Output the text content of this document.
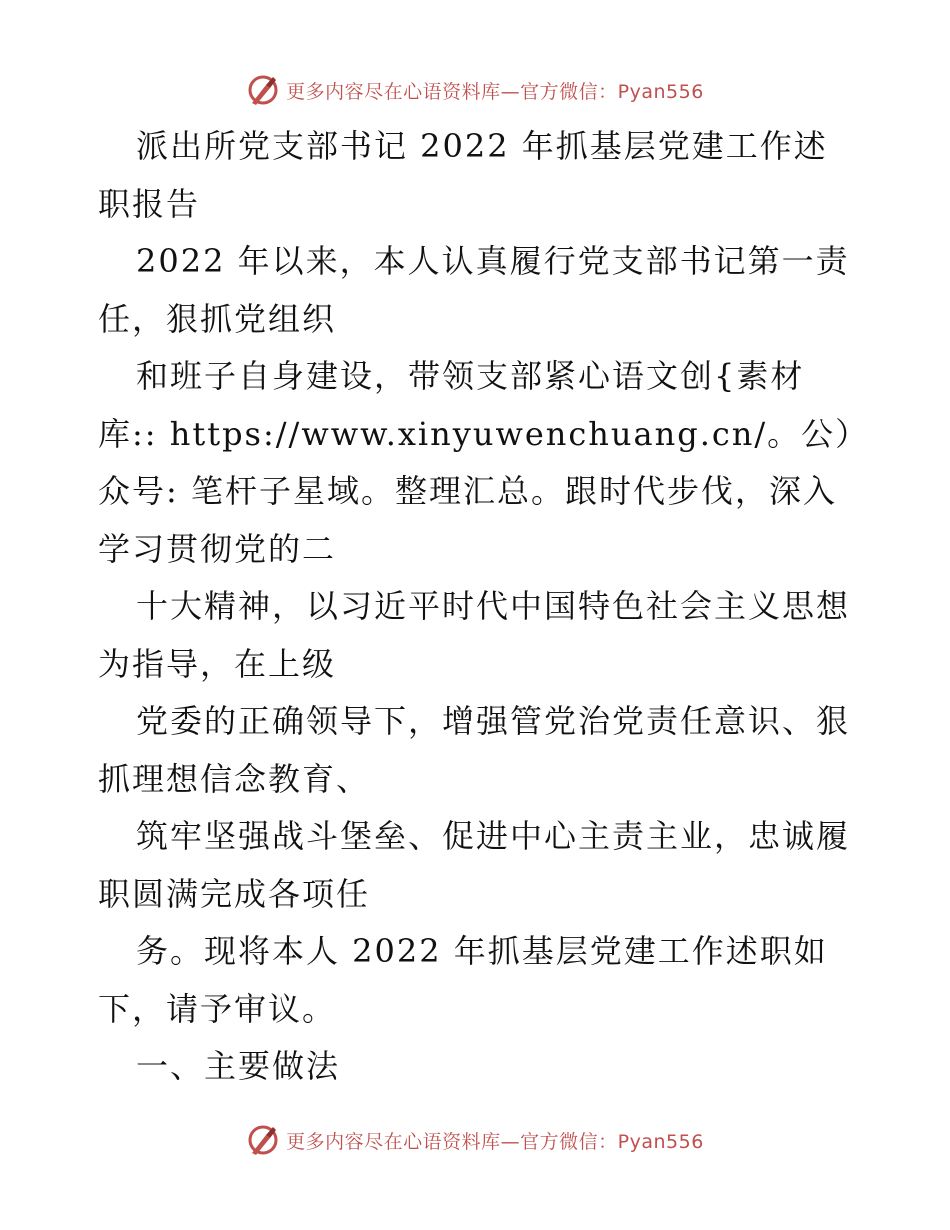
更多内容尽在心语资料库—官方微信：Pyan556

派出所党支部书记 2022 年抓基层党建工作述职报告

2022 年以来，本人认真履行党支部书记第一责任，狠抓党组织

和班子自身建设，带领支部紧心语文创{素材库:: https://www.xinyuwenchuang.cn/。公）众号: 笔杆子星域。整理汇总。跟时代步伐，深入学习贯彻党的二

十大精神，以习近平时代中国特色社会主义思想为指导，在上级

党委的正确领导下，增强管党治党责任意识、狠抓理想信念教育、

筑牢坚强战斗堡垒、促进中心主责主业，忠诚履职圆满完成各项任

务。现将本人 2022 年抓基层党建工作述职如下，请予审议。

一、主要做法

更多内容尽在心语资料库—官方微信：Pyan556
